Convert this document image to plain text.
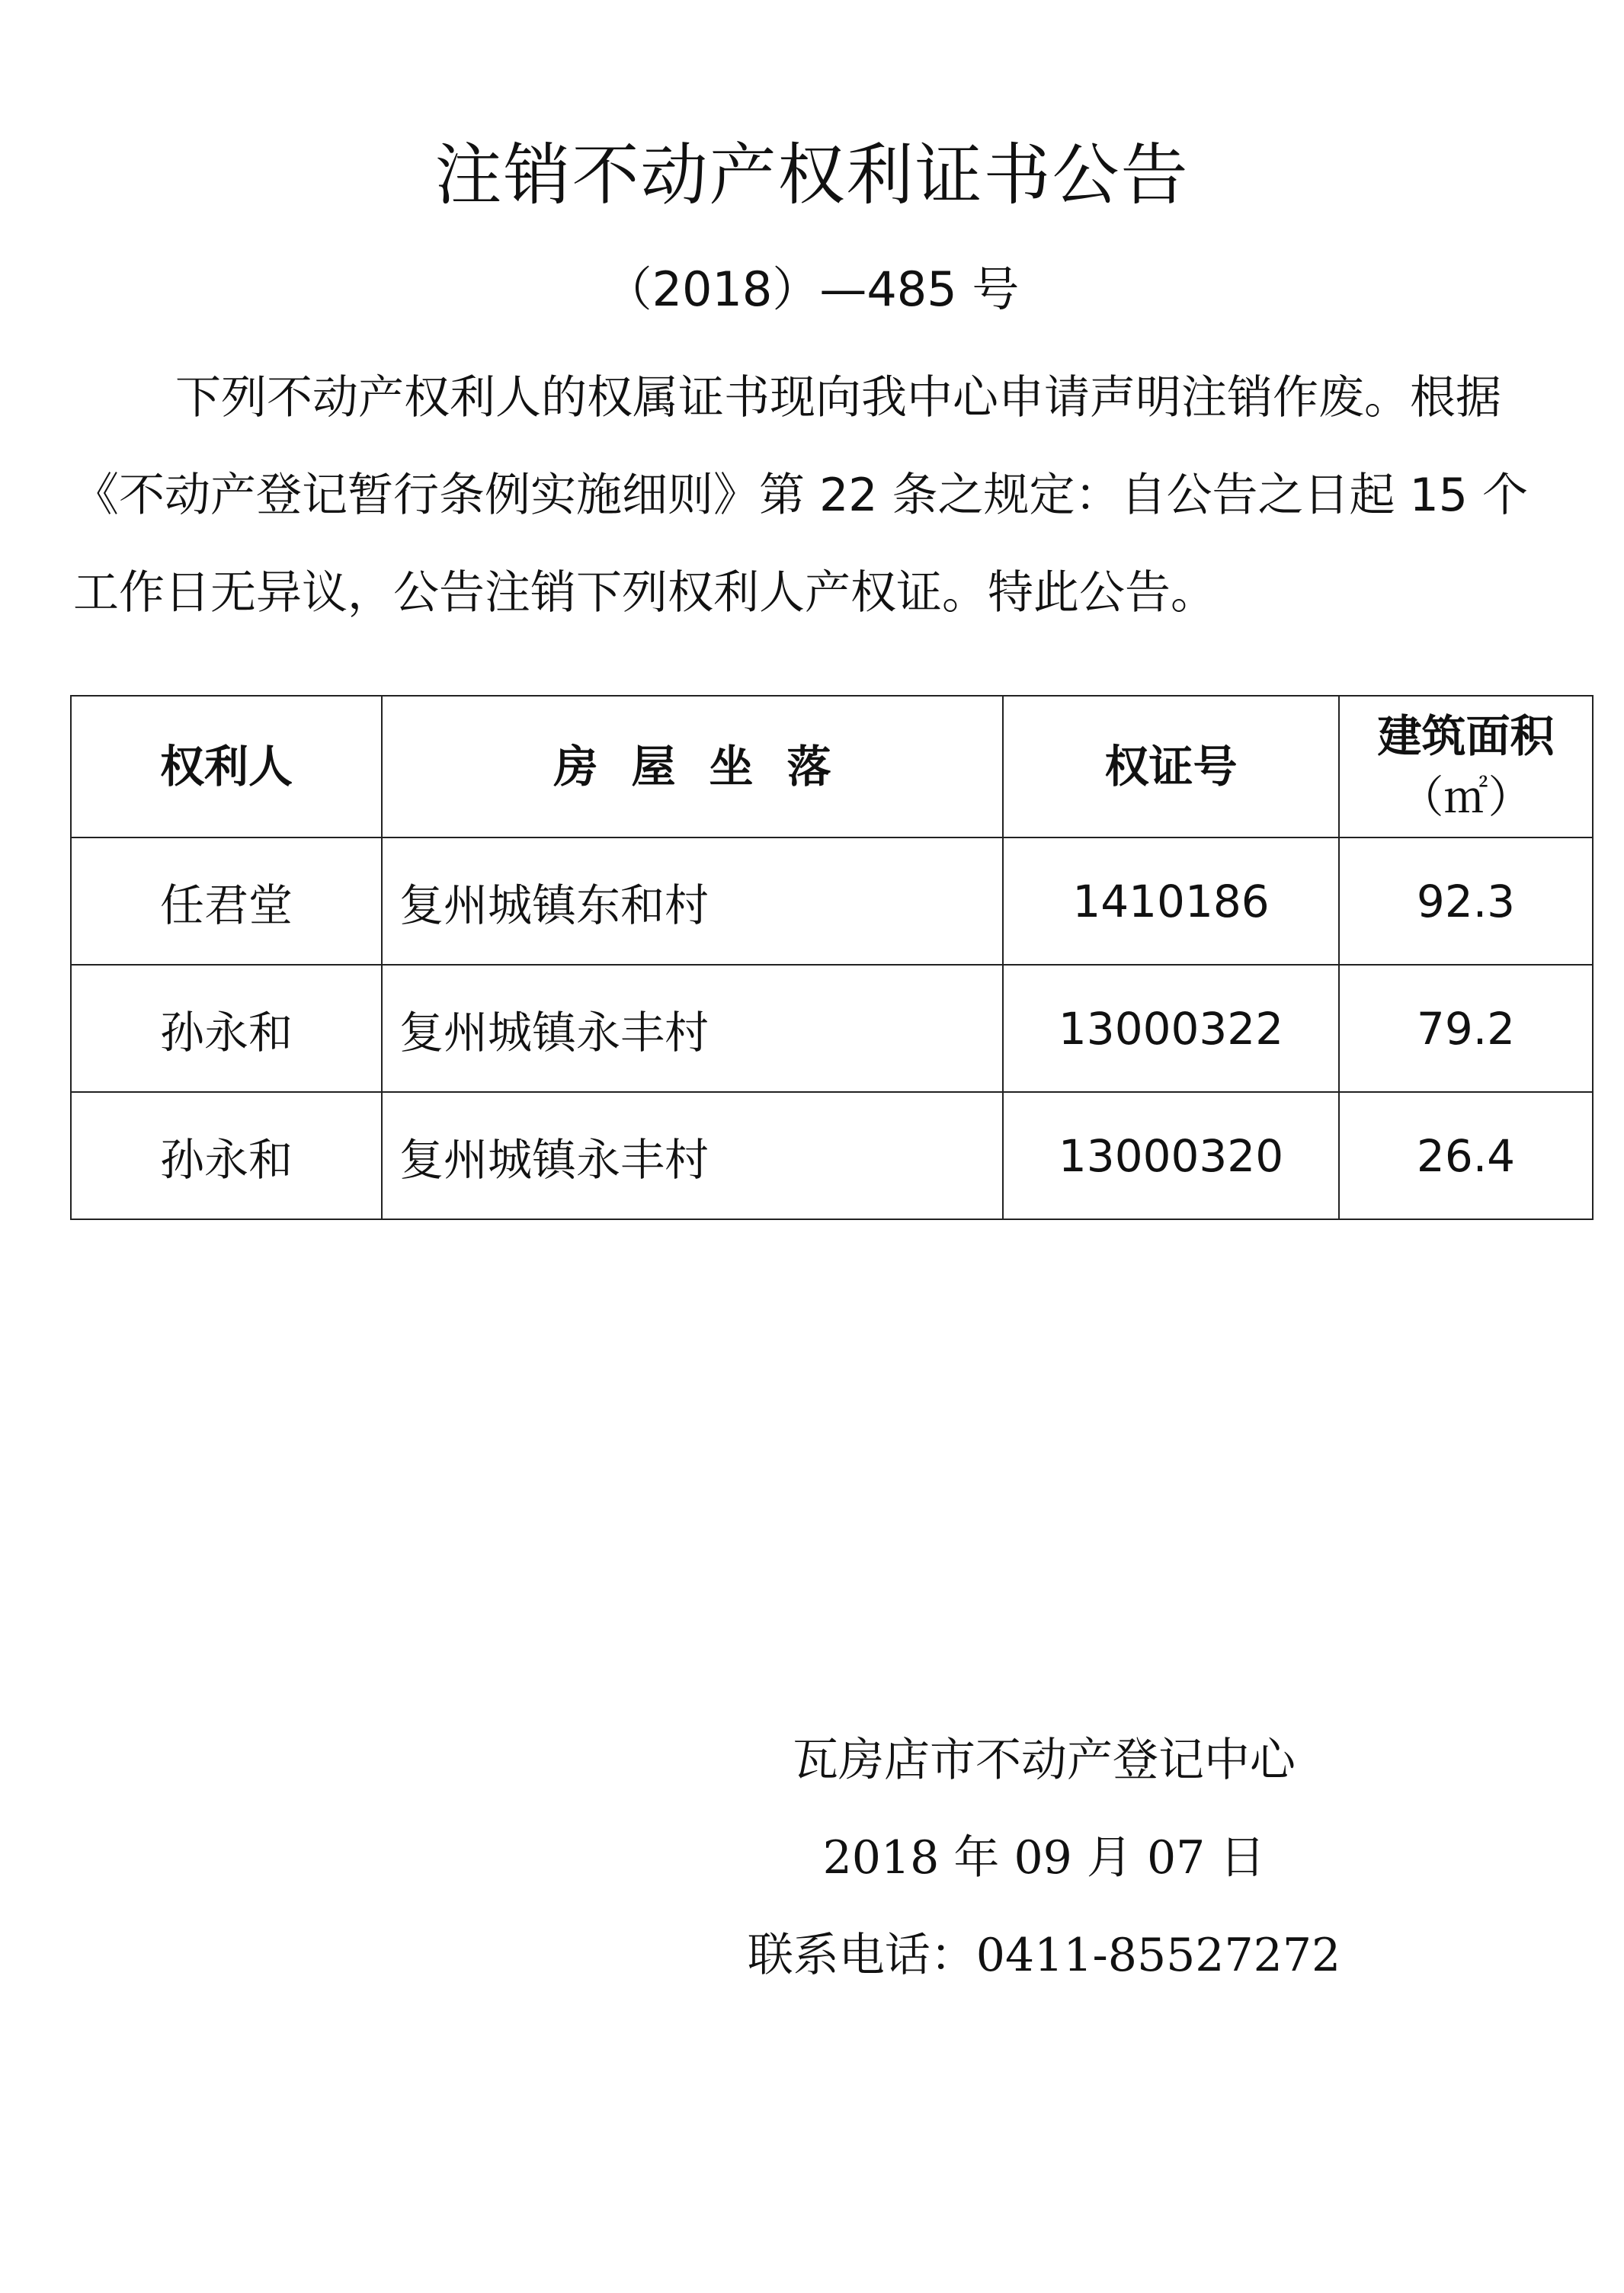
注销不动产权利证书公告
（2018）—485 号

下列不动产权利人的权属证书现向我中心申请声明注销作废。根据《不动产登记暂行条例实施细则》第 22 条之规定：自公告之日起 15 个工作日无异议，公告注销下列权利人产权证。特此公告。

权利人	房屋坐落	权证号	建筑面积
（㎡）

任君堂	复州城镇东和村	1410186	92.3
孙永和	复州城镇永丰村	13000322	79.2
孙永和	复州城镇永丰村	13000320	26.4
瓦房店市不动产登记中心
2018 年 09 月 07 日
联系电话：0411-85527272
